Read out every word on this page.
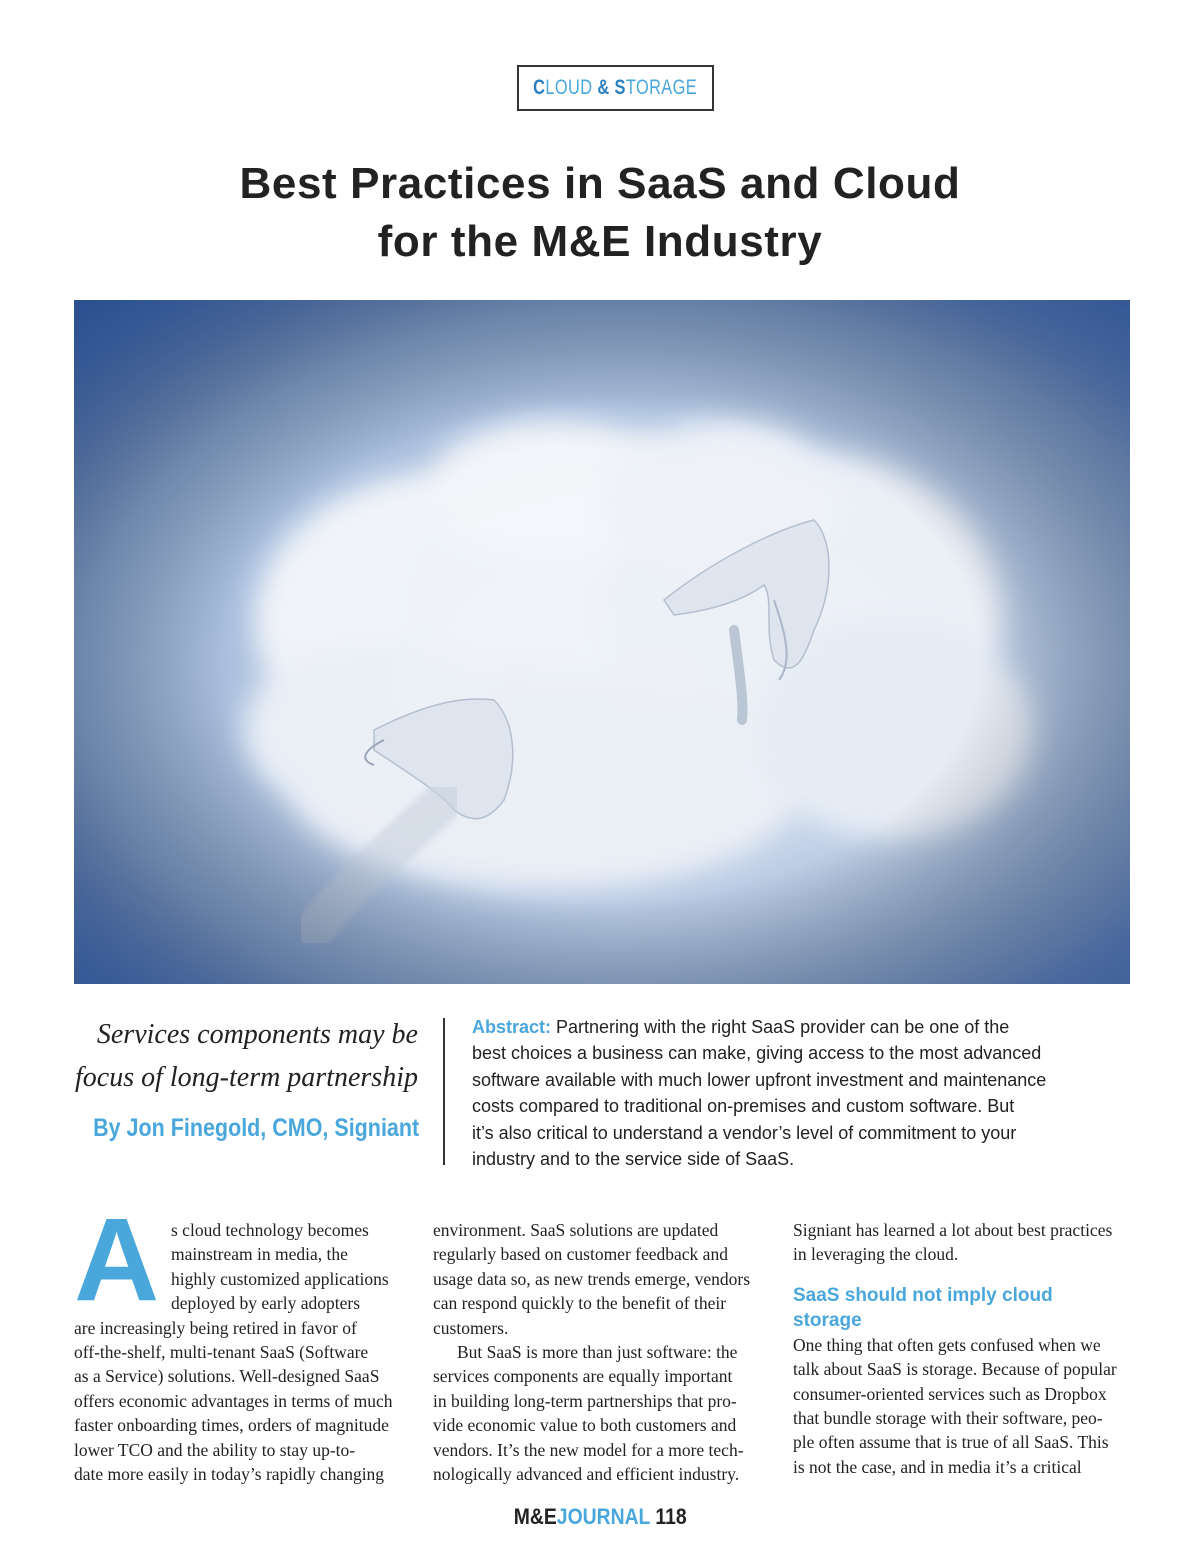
CLOUD & STORAGE
Best Practices in SaaS and Cloud
for the M&E Industry
Services components may be
focus of long-term partnership
By Jon Finegold, CMO, Signiant
Abstract: Partnering with the right SaaS provider can be one of the
best choices a business can make, giving access to the most advanced
software available with much lower upfront investment and maintenance
costs compared to traditional on-premises and custom software. But
it’s also critical to understand a vendor’s level of commitment to your
industry and to the service side of SaaS.
A s cloud technology becomes
mainstream in media, the
highly customized applications
deployed by early adopters
are increasingly being retired in favor of
off-the-shelf, multi-tenant SaaS (Software
as a Service) solutions. Well-designed SaaS
offers economic advantages in terms of much
faster onboarding times, orders of magnitude
lower TCO and the ability to stay up-to-
date more easily in today’s rapidly changing
environment. SaaS solutions are updated
regularly based on customer feedback and
usage data so, as new trends emerge, vendors
can respond quickly to the benefit of their
customers.
But SaaS is more than just software: the
services components are equally important
in building long-term partnerships that pro-
vide economic value to both customers and
vendors. It’s the new model for a more tech-
nologically advanced and efficient industry.
Signiant has learned a lot about best practices
in leveraging the cloud.
SaaS should not imply cloud
storage
One thing that often gets confused when we
talk about SaaS is storage. Because of popular
consumer-oriented services such as Dropbox
that bundle storage with their software, peo-
ple often assume that is true of all SaaS. This
is not the case, and in media it’s a critical
M&EJOURNAL 118
